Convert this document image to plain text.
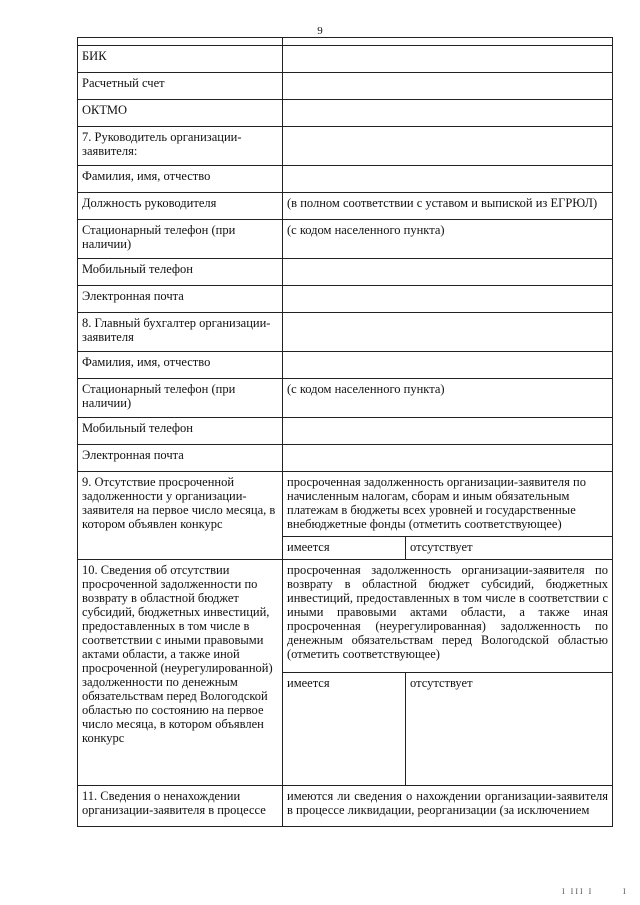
9

БИК	
Расчетный счет	
ОКТМО	
7. Руководитель организации-заявителя:	
Фамилия, имя, отчество	
Должность руководителя	(в полном соответствии с уставом и выпиской из ЕГРЮЛ)
Стационарный телефон (при наличии)	(с кодом населенного пункта)
Мобильный телефон	
Электронная почта	
8. Главный бухгалтер организации-заявителя	
Фамилия, имя, отчество	
Стационарный телефон (при наличии)	(с кодом населенного пункта)
Мобильный телефон	
Электронная почта	
9. Отсутствие просроченной задолженности у организации-заявителя на первое число месяца, в котором объявлен конкурс	просроченная задолженность организации-заявителя по начисленным налогам, сборам и иным обязательным платежам в бюджеты всех уровней и государственные внебюджетные фонды (отметить соответствующее)

имеется	отсутствует

10. Сведения об отсутствии просроченной задолженности по возврату в областной бюджет субсидий, бюджетных инвестиций, предоставленных в том числе в соответствии с иными правовыми актами области, а также иной просроченной (неурегулированной) задолженности по денежным обязательствам перед Вологодской областью по состоянию на первое число месяца, в котором объявлен конкурс	просроченная задолженность организации-заявителя по возврату в областной бюджет субсидий, бюджетных инвестиций, предоставленных в том числе в соответствии с иными правовыми актами области, а также иная просроченная (неурегулированная) задолженность по денежным обязательствам перед Вологодской областью (отметить соответствующее)

имеется	отсутствует

11. Сведения о ненахождении организации-заявителя в процессе	имеются ли сведения о нахождении организации-заявителя в процессе ликвидации, реорганизации (за исключением
I III I	I
